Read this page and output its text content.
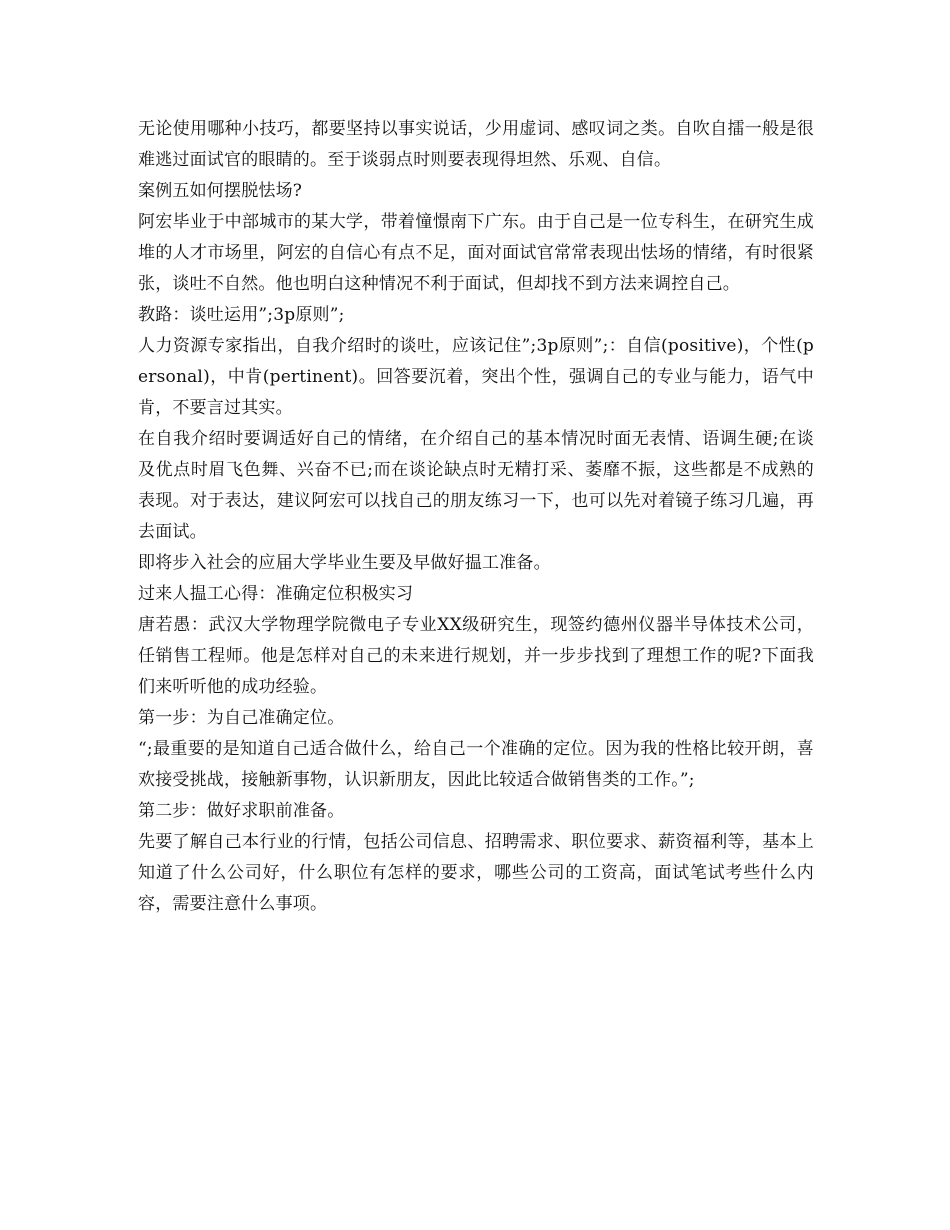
无论使用哪种小技巧，都要坚持以事实说话，少用虚词、感叹词之类。自吹自擂一般是很难逃过面试官的眼睛的。至于谈弱点时则要表现得坦然、乐观、自信。

案例五如何摆脱怯场?

阿宏毕业于中部城市的某大学，带着憧憬南下广东。由于自己是一位专科生，在研究生成堆的人才市场里，阿宏的自信心有点不足，面对面试官常常表现出怯场的情绪，有时很紧张，谈吐不自然。他也明白这种情况不利于面试，但却找不到方法来调控自己。

教路：谈吐运用”;3p原则”;

人力资源专家指出，自我介绍时的谈吐，应该记住”;3p原则”;：自信(positive)，个性(personal)，中肯(pertinent)。回答要沉着，突出个性，强调自己的专业与能力，语气中肯，不要言过其实。

在自我介绍时要调适好自己的情绪，在介绍自己的基本情况时面无表情、语调生硬;在谈及优点时眉飞色舞、兴奋不已;而在谈论缺点时无精打采、萎靡不振，这些都是不成熟的表现。对于表达，建议阿宏可以找自己的朋友练习一下，也可以先对着镜子练习几遍，再去面试。

即将步入社会的应届大学毕业生要及早做好揾工准备。

过来人揾工心得：准确定位积极实习

唐若愚：武汉大学物理学院微电子专业XX级研究生，现签约德州仪器半导体技术公司，任销售工程师。他是怎样对自己的未来进行规划，并一步步找到了理想工作的呢?下面我们来听听他的成功经验。

第一步：为自己准确定位。

“;最重要的是知道自己适合做什么，给自己一个准确的定位。因为我的性格比较开朗，喜欢接受挑战，接触新事物，认识新朋友，因此比较适合做销售类的工作。”;

第二步：做好求职前准备。

先要了解自己本行业的行情，包括公司信息、招聘需求、职位要求、薪资福利等，基本上知道了什么公司好，什么职位有怎样的要求，哪些公司的工资高，面试笔试考些什么内容，需要注意什么事项。
